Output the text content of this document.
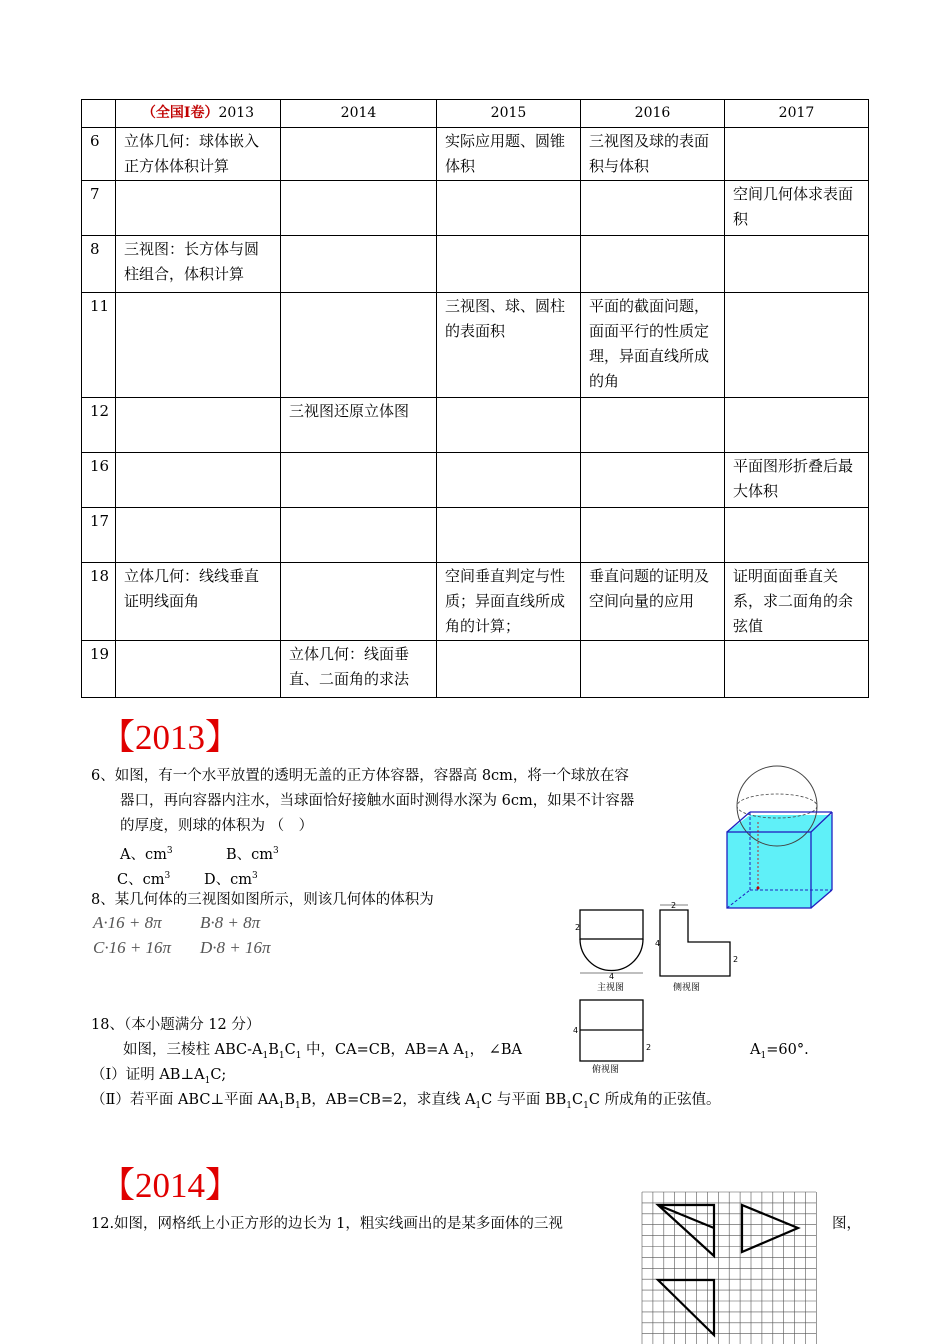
	（全国Ⅰ卷）2013	2014	2015	2016	2017
6	立体几何：球体嵌入正方体体积计算		实际应用题、圆锥体积	三视图及球的表面积与体积	
7					空间几何体求表面积
8	三视图：长方体与圆柱组合，体积计算				
11			三视图、球、圆柱的表面积	平面的截面问题，面面平行的性质定理，异面直线所成的角	
12		三视图还原立体图			
16					平面图形折叠后最大体积
17					
18	立体几何：线线垂直证明线面角		空间垂直判定与性质；异面直线所成角的计算；	垂直问题的证明及空间向量的应用	证明面面垂直关系，求二面角的余弦值
19		立体几何：线面垂直、二面角的求法			
【2013】
6、如图，有一个水平放置的透明无盖的正方体容器，容器高 8cm，将一个球放在容
器口，再向容器内注水，当球面恰好接触水面时测得水深为 6cm，如果不计容器
的厚度，则球的体积为 （　）
A、$cm^3$	B、$cm^3$
C、$cm^3$ D、$cm^3$
8、某几何体的三视图如图所示，则该几何体的体积为
A·16 + 8π B·8 + 8π
C·16 + 16π D·8 + 16π
4
2
主视图
2
4
2
侧视图
4
2
俯视图
18、（本小题满分 12 分）
如图，三棱柱 ABC-$A_1B_1C_1$ 中，CA=CB，AB=A $A_1$， ∠BA	$A_1=60^\circ$.
（Ⅰ）证明 $AB\perp A_1C$;
（Ⅱ）若平面 ABC⊥平面 $AA_1B_1B$，AB=CB=2，求直线 $A_1C$ 与平面 $BB_1C_1C$ 所成角的正弦值。
【2014】
12.如图，网格纸上小正方形的边长为 1，粗实线画出的是某多面体的三视	图，
